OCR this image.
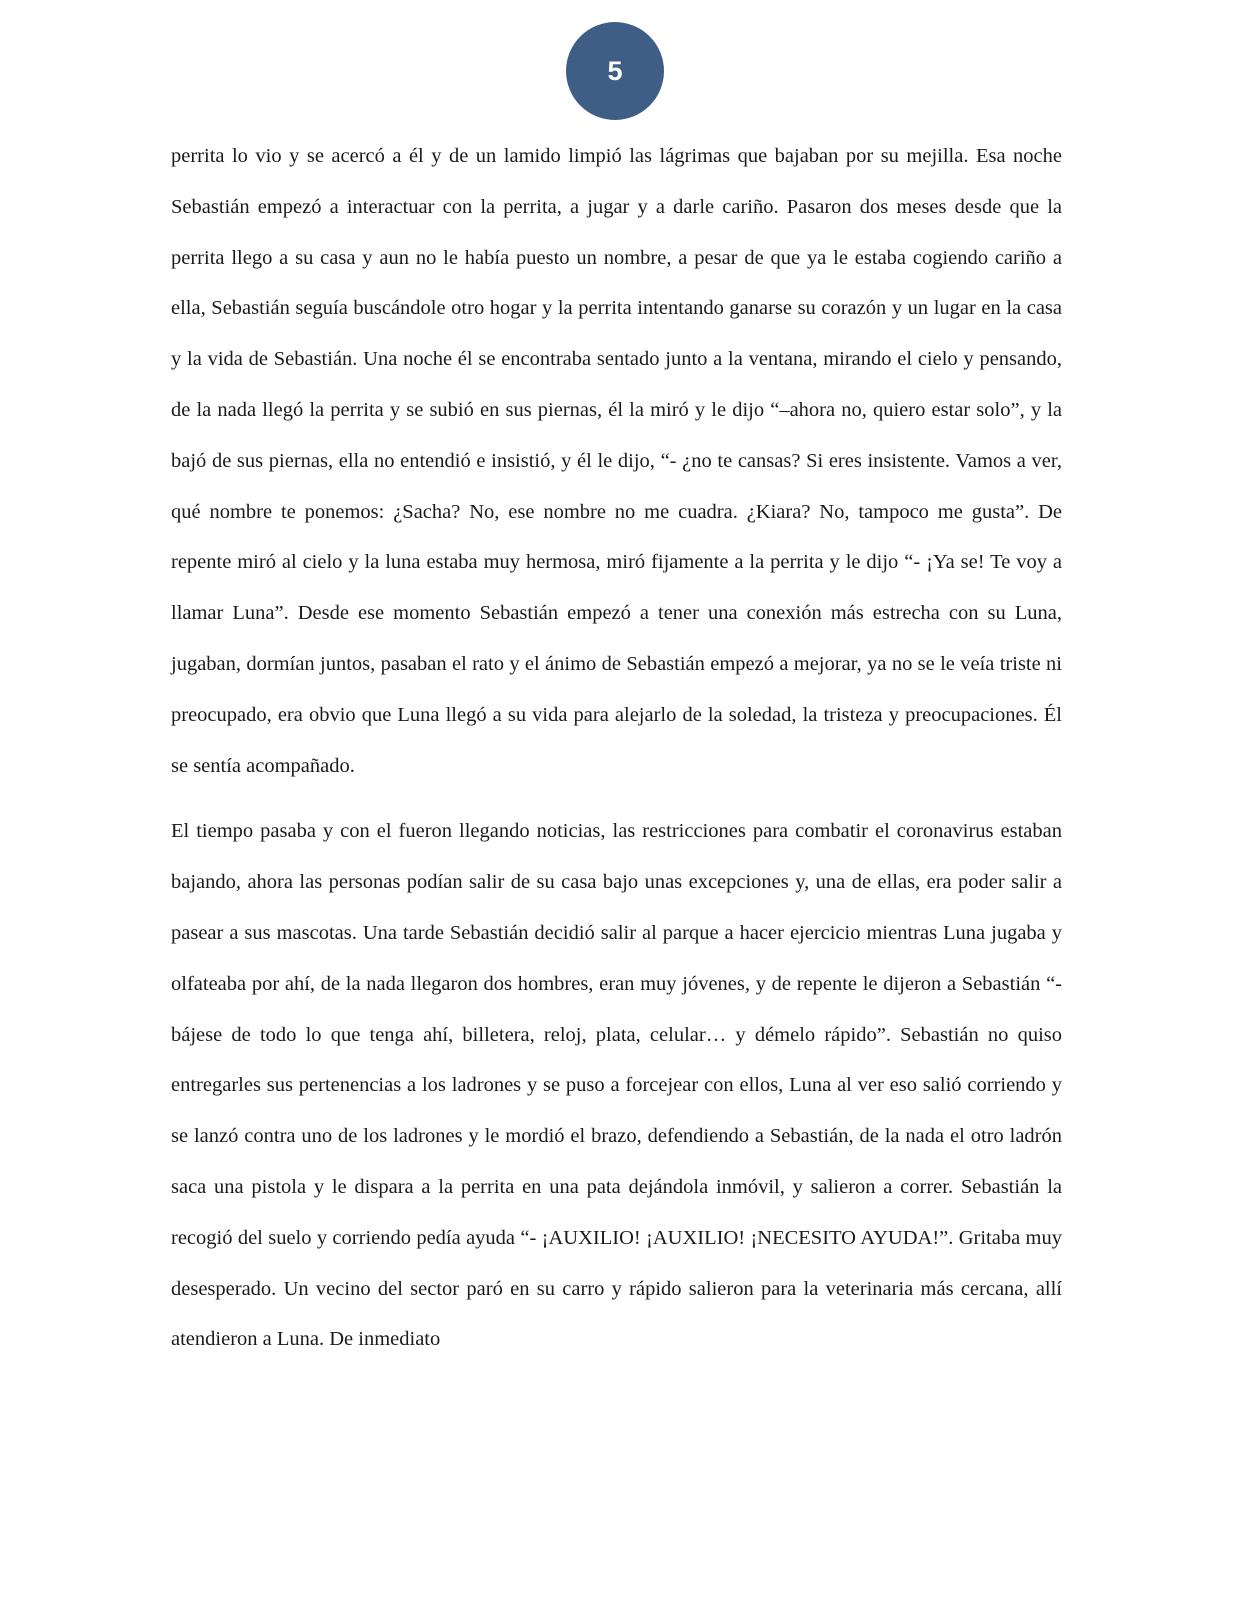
5

perrita lo vio y se acercó a él y de un lamido limpió las lágrimas que bajaban por su mejilla. Esa noche Sebastián empezó a interactuar con la perrita, a jugar y a darle cariño. Pasaron dos meses desde que la perrita llego a su casa y aun no le había puesto un nombre, a pesar de que ya le estaba cogiendo cariño a ella, Sebastián seguía buscándole otro hogar y la perrita intentando ganarse su corazón y un lugar en la casa y la vida de Sebastián. Una noche él se encontraba sentado junto a la ventana, mirando el cielo y pensando, de la nada llegó la perrita y se subió en sus piernas, él la miró y le dijo “–ahora no, quiero estar solo”, y la bajó de sus piernas, ella no entendió e insistió, y él le dijo, “- ¿no te cansas? Si eres insistente. Vamos a ver, qué nombre te ponemos: ¿Sacha? No, ese nombre no me cuadra. ¿Kiara? No, tampoco me gusta”. De repente miró al cielo y la luna estaba muy hermosa, miró fijamente a la perrita y le dijo “- ¡Ya se! Te voy a llamar Luna”. Desde ese momento Sebastián empezó a tener una conexión más estrecha con su Luna, jugaban, dormían juntos, pasaban el rato y el ánimo de Sebastián empezó a mejorar, ya no se le veía triste ni preocupado, era obvio que Luna llegó a su vida para alejarlo de la soledad, la tristeza y preocupaciones. Él se sentía acompañado.

El tiempo pasaba y con el fueron llegando noticias, las restricciones para combatir el coronavirus estaban bajando, ahora las personas podían salir de su casa bajo unas excepciones y, una de ellas, era poder salir a pasear a sus mascotas. Una tarde Sebastián decidió salir al parque a hacer ejercicio mientras Luna jugaba y olfateaba por ahí, de la nada llegaron dos hombres, eran muy jóvenes, y de repente le dijeron a Sebastián “- bájese de todo lo que tenga ahí, billetera, reloj, plata, celular… y démelo rápido”. Sebastián no quiso entregarles sus pertenencias a los ladrones y se puso a forcejear con ellos, Luna al ver eso salió corriendo y se lanzó contra uno de los ladrones y le mordió el brazo, defendiendo a Sebastián, de la nada el otro ladrón saca una pistola y le dispara a la perrita en una pata dejándola inmóvil, y salieron a correr. Sebastián la recogió del suelo y corriendo pedía ayuda “- ¡AUXILIO! ¡AUXILIO! ¡NECESITO AYUDA!”. Gritaba muy desesperado. Un vecino del sector paró en su carro y rápido salieron para la veterinaria más cercana, allí atendieron a Luna. De inmediato
